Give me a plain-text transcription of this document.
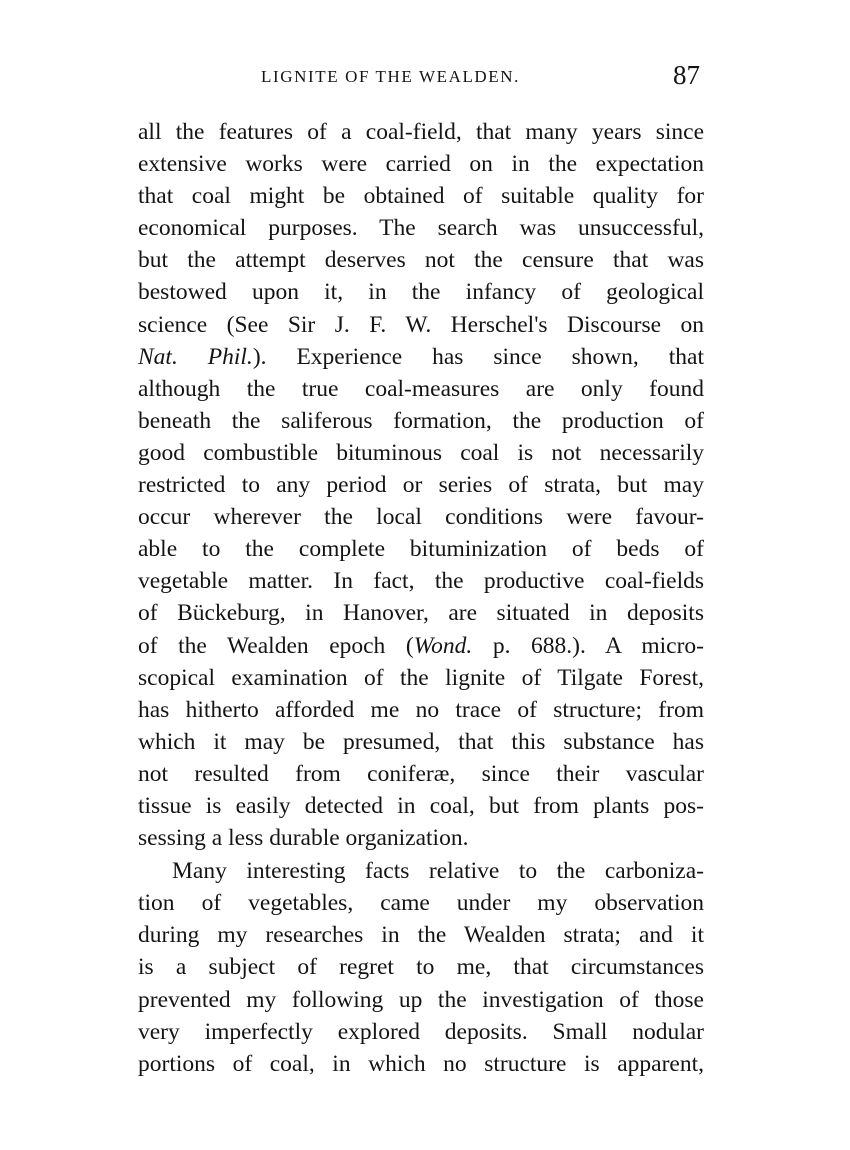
LIGNITE OF THE WEALDEN.	87
all the features of a coal-field, that many years since
extensive works were carried on in the expectation
that coal might be obtained of suitable quality for
economical purposes. The search was unsuccessful,
but the attempt deserves not the censure that was
bestowed upon it, in the infancy of geological
science (See Sir J. F. W. Herschel's Discourse on
Nat. Phil.). Experience has since shown, that
although the true coal-measures are only found
beneath the saliferous formation, the production of
good combustible bituminous coal is not necessarily
restricted to any period or series of strata, but may
occur wherever the local conditions were favour-
able to the complete bituminization of beds of
vegetable matter. In fact, the productive coal-fields
of Bückeburg, in Hanover, are situated in deposits
of the Wealden epoch (Wond. p. 688.). A micro-
scopical examination of the lignite of Tilgate Forest,
has hitherto afforded me no trace of structure; from
which it may be presumed, that this substance has
not resulted from coniferæ, since their vascular
tissue is easily detected in coal, but from plants pos-
sessing a less durable organization.
Many interesting facts relative to the carboniza-
tion of vegetables, came under my observation
during my researches in the Wealden strata; and it
is a subject of regret to me, that circumstances
prevented my following up the investigation of those
very imperfectly explored deposits. Small nodular
portions of coal, in which no structure is apparent,
